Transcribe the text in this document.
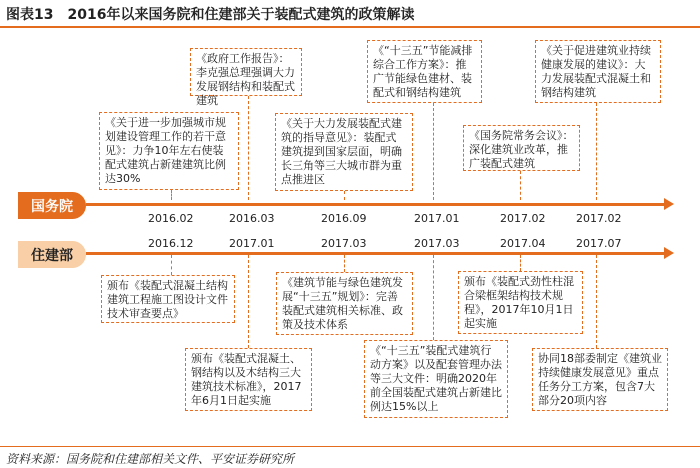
图表13 2016年以来国务院和住建部关于装配式建筑的政策解读
《关于进一步加强城市规划建设管理工作的若干意见》：力争10年左右使装配式建筑占新建建筑比例达30%
《政府工作报告》：李克强总理强调大力发展钢结构和装配式建筑
《关于大力发展装配式建筑的指导意见》：装配式建筑提到国家层面，明确长三角等三大城市群为重点推进区
《“十三五”节能减排综合工作方案》：推广节能绿色建材、装配式和钢结构建筑
《国务院常务会议》：深化建筑业改革，推广装配式建筑
《关于促进建筑业持续健康发展的建议》：大力发展装配式混凝土和钢结构建筑
国务院
2016.02	2016.03	2016.09	2017.01	2017.02	2017.02
2016.12	2017.01	2017.03	2017.03	2017.04	2017.07
住建部
颁布《装配式混凝土结构建筑工程施工图设计文件技术审查要点》
颁布《装配式混凝土、钢结构以及木结构三大建筑技术标准》，2017年6月1日起实施
《建筑节能与绿色建筑发展“十三五”规划》：完善装配式建筑相关标准、政策及技术体系
《“十三五”装配式建筑行动方案》以及配套管理办法等三大文件：明确2020年前全国装配式建筑占新建比例达15%以上
颁布《装配式劲性柱混合梁框架结构技术规程》，2017年10月1日起实施
协同18部委制定《建筑业持续健康发展意见》重点任务分工方案，包含7大部分20项内容
资料来源：国务院和住建部相关文件、平安证券研究所
